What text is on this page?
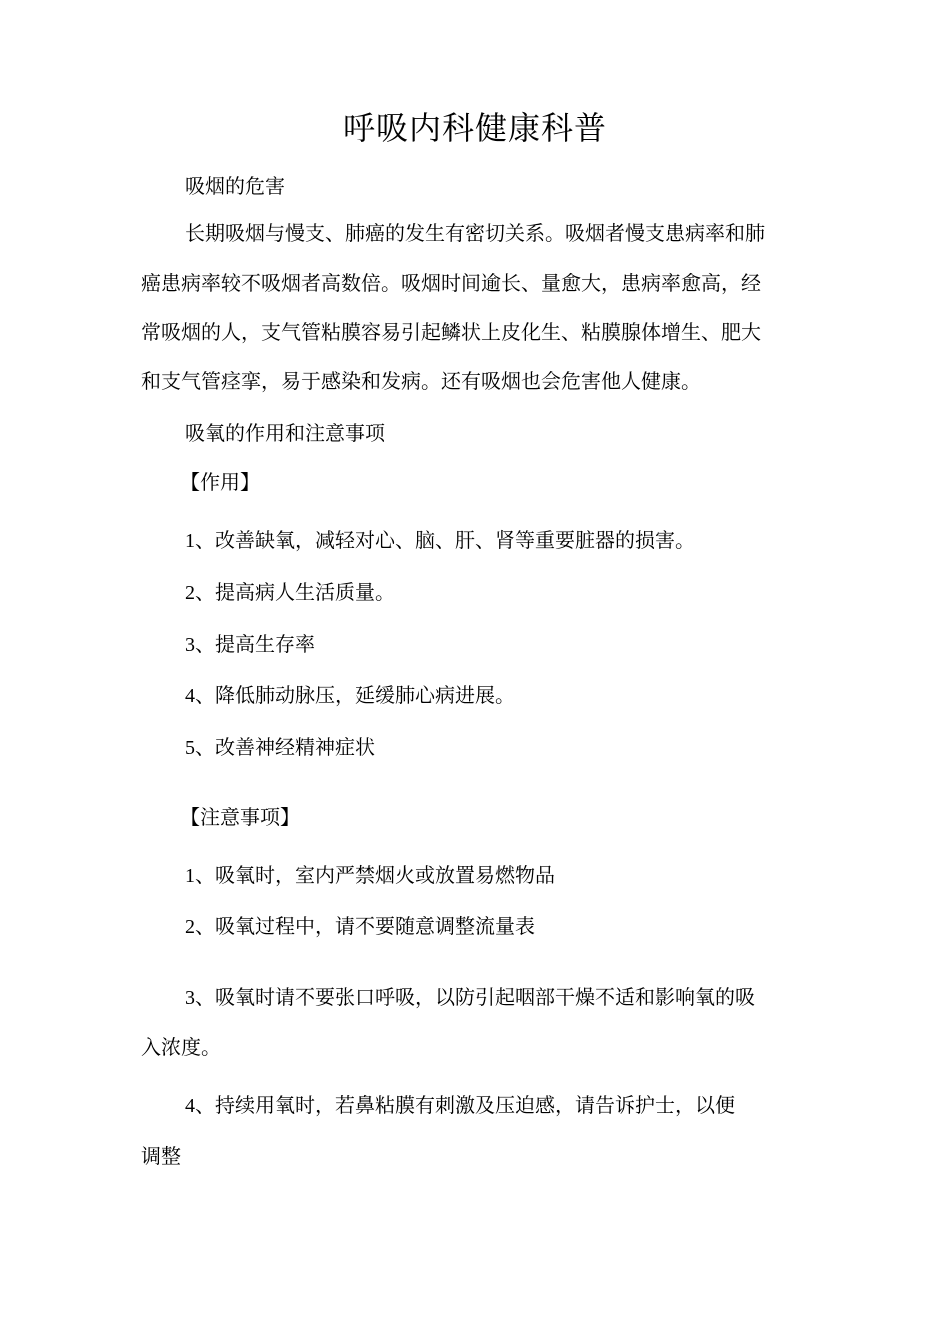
呼吸内科健康科普
吸烟的危害
长期吸烟与慢支、肺癌的发生有密切关系。吸烟者慢支患病率和肺
癌患病率较不吸烟者高数倍。吸烟时间逾长、量愈大，患病率愈高，经
常吸烟的人，支气管粘膜容易引起鳞状上皮化生、粘膜腺体增生、肥大
和支气管痉挛，易于感染和发病。还有吸烟也会危害他人健康。
吸氧的作用和注意事项
【作用】
1、改善缺氧，减轻对心、脑、肝、肾等重要脏器的损害。
2、提高病人生活质量。
3、提高生存率
4、降低肺动脉压，延缓肺心病进展。
5、改善神经精神症状
【注意事项】
1、吸氧时，室内严禁烟火或放置易燃物品
2、吸氧过程中，请不要随意调整流量表
3、吸氧时请不要张口呼吸，以防引起咽部干燥不适和影响氧的吸
入浓度。
4、持续用氧时，若鼻粘膜有刺激及压迫感，请告诉护士，以便
调整
